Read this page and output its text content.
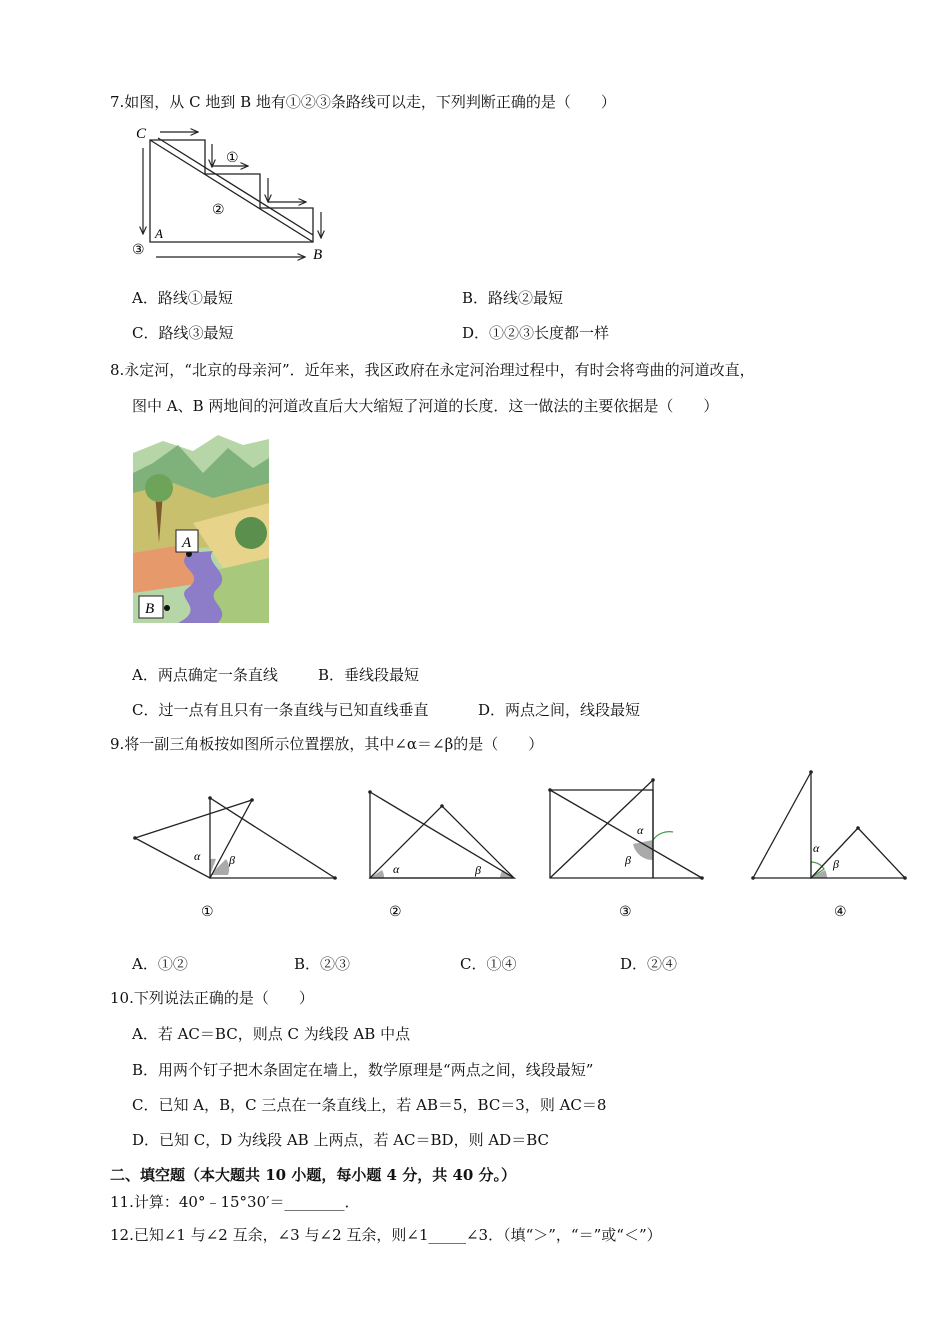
7.如图，从 C 地到 B 地有①②③条路线可以走，下列判断正确的是（　　）
C
A
B
①
②
③
A．路线①最短	B．路线②最短
C．路线③最短	D．①②③长度都一样
8.永定河，“北京的母亲河”．近年来，我区政府在永定河治理过程中，有时会将弯曲的河道改直，
图中 A、B 两地间的河道改直后大大缩短了河道的长度．这一做法的主要依据是（　　）
A
B
A．两点确定一条直线	B．垂线段最短
C．过一点有且只有一条直线与已知直线垂直	D．两点之间，线段最短
9.将一副三角板按如图所示位置摆放，其中∠α＝∠β的是（　　）
α β
①
α	β
②
α
β
③
α
β
④
A．①②	B．②③	C．①④	D．②④
10.下列说法正确的是（　　）
A．若 AC＝BC，则点 C 为线段 AB 中点
B．用两个钉子把木条固定在墙上，数学原理是“两点之间，线段最短”
C．已知 A，B，C 三点在一条直线上，若 AB＝5，BC＝3，则 AC＝8
D．已知 C，D 为线段 AB 上两点，若 AC＝BD，则 AD＝BC
二、填空题（本大题共 10 小题，每小题 4 分，共 40 分。）
11.计算：40°﹣15°30′＝________．
12.已知∠1 与∠2 互余，∠3 与∠2 互余，则∠1_____∠3．（填“＞”，“＝”或“＜”）
